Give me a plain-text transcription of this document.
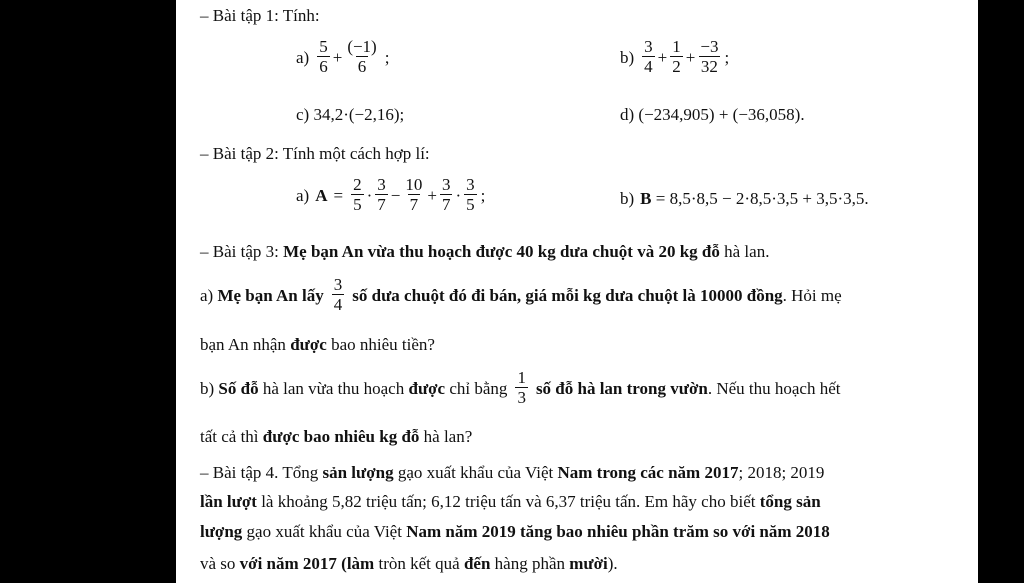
– Bài tập 1: Tính:
a)
5
$6 + \frac{(-1)}{6}$ ;	b)
3
$4 + \frac{1}{2} + \frac{-3}{32}$ ;
c) 34,2·(−2,16);	d) (−234,905) + (−36,058).
– Bài tập 2: Tính một cách hợp lí:
a) $A = \frac{2}{5}$ ·
3
$7 - \frac{10}{7} + \frac{3}{7}$ ·
3
5 ;	b) B = 8,5·8,5 − 2·8,5·3,5 + 3,5·3,5.
– Bài tập 3: Mẹ bạn An vừa thu hoạch được 40 kg dưa chuột và 20 kg đỗ hà lan.
a) Mẹ bạn An lấy
3
4 số dưa chuột đó đi bán, giá mỗi kg dưa chuột là 10000 đồng . Hỏi mẹ
bạn An nhận được bao nhiêu tiền?
b) Số đỗ hà lan vừa thu hoạch được chỉ bằng
1
3 số đỗ hà lan trong vườn . Nếu thu hoạch hết
tất cả thì được bao nhiêu kg đỗ hà lan?
– Bài tập 4. Tổng sản lượng gạo xuất khẩu của Việt Nam trong các năm 2017; 2018; 2019
lần lượt là khoảng 5,82 triệu tấn; 6,12 triệu tấn và 6,37 triệu tấn. Em hãy cho biết tổng sản
lượng gạo xuất khẩu của Việt Nam năm 2019 tăng bao nhiêu phần trăm so với năm 2018
và so với năm 2017 (làm tròn kết quả đến hàng phần mười).
